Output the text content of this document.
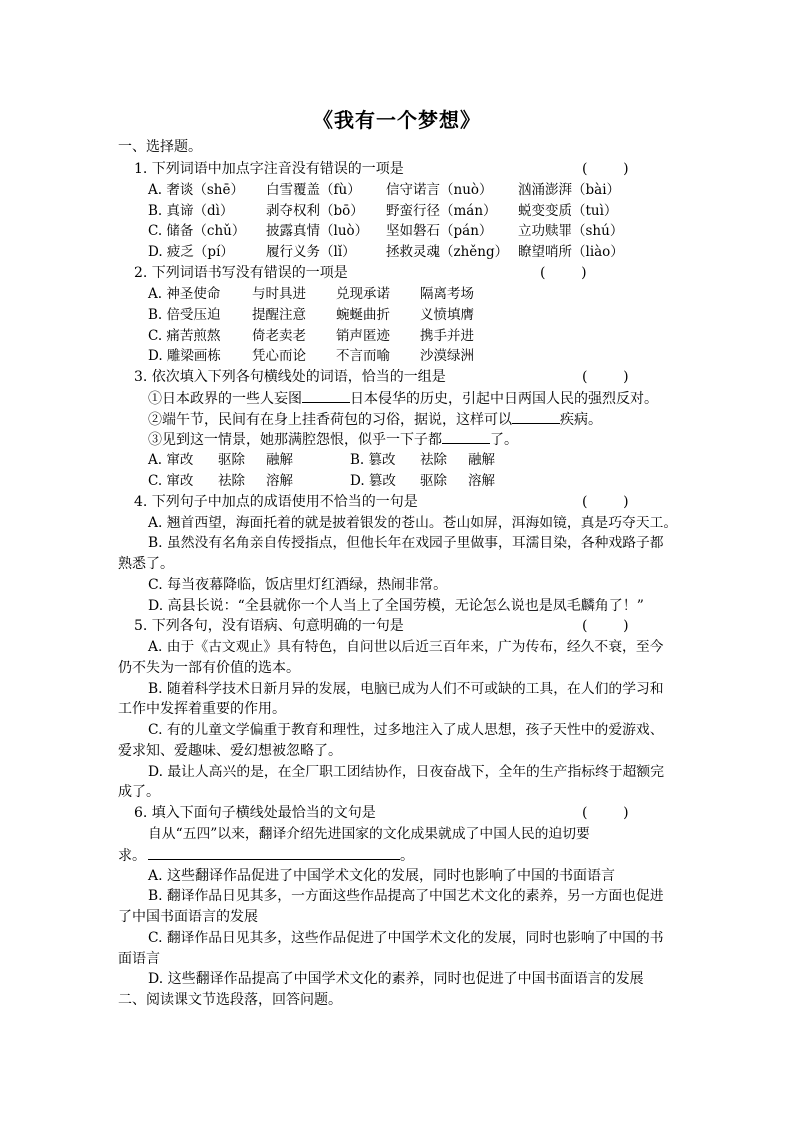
《我有一个梦想》
一、选择题。
1. 下列词语中加点字注音没有错误的一项是	(        )
A. 奢谈（shē） 白雪覆盖（fù） 信守诺言（nuò） 汹涌澎湃（bài）
B. 真谛（dì） 剥夺权利（bō） 野蛮行径（mán） 蜕变变质（tuì）
C. 储备（chǔ） 披露真情（luò） 坚如磐石（pán） 立功赎罪（shú）
D. 疲乏（pí） 履行义务（lǐ） 拯救灵魂（zhěng） 瞭望哨所（liào）
2. 下列词语书写没有错误的一项是	(        )
A. 神圣使命 与时具进 兑现承诺 隔离考场
B. 倍受压迫 提醒注意 蜿蜒曲折 义愤填膺
C. 痛苦煎熬 倚老卖老 销声匿迹 携手并进
D. 雕梁画栋 凭心而论 不言而喻 沙漠绿洲
3. 依次填入下列各句横线处的词语，恰当的一组是	(        )
①日本政界的一些人妄图	日本侵华的历史，引起中日两国人民的强烈反对。
②端午节，民间有在身上挂香荷包的习俗，据说，这样可以	疾病。
③见到这一情景，她那满腔怨恨，似乎一下子都	了。
A. 窜改 驱除 融解	B. 篡改 祛除 融解
C. 窜改 祛除 溶解	D. 篡改 驱除 溶解
4. 下列句子中加点的成语使用不恰当的一句是	(        )
A. 翘首西望，海面托着的就是披着银发的苍山。苍山如屏，洱海如镜，真是巧夺天工。
B. 虽然没有名角亲自传授指点，但他长年在戏园子里做事，耳濡目染，各种戏路子都
熟悉了。
C. 每当夜幕降临，饭店里灯红酒绿，热闹非常。
D. 高县长说：“全县就你一个人当上了全国劳模，无论怎么说也是凤毛麟角了！”
5. 下列各句，没有语病、句意明确的一句是	(        )
A. 由于《古文观止》具有特色，自问世以后近三百年来，广为传布，经久不衰，至今
仍不失为一部有价值的选本。
B. 随着科学技术日新月异的发展，电脑已成为人们不可或缺的工具，在人们的学习和
工作中发挥着重要的作用。
C. 有的儿童文学偏重于教育和理性，过多地注入了成人思想，孩子天性中的爱游戏、
爱求知、爱趣味、爱幻想被忽略了。
D. 最让人高兴的是，在全厂职工团结协作，日夜奋战下，全年的生产指标终于超额完
成了。
6. 填入下面句子横线处最恰当的文句是	(        )
自从“五四”以来，翻译介绍先进国家的文化成果就成了中国人民的迫切要
求。	。
A. 这些翻译作品促进了中国学术文化的发展，同时也影响了中国的书面语言
B. 翻译作品日见其多，一方面这些作品提高了中国艺术文化的素养，另一方面也促进
了中国书面语言的发展
C. 翻译作品日见其多，这些作品促进了中国学术文化的发展，同时也影响了中国的书
面语言
D. 这些翻译作品提高了中国学术文化的素养，同时也促进了中国书面语言的发展
二、阅读课文节选段落，回答问题。
